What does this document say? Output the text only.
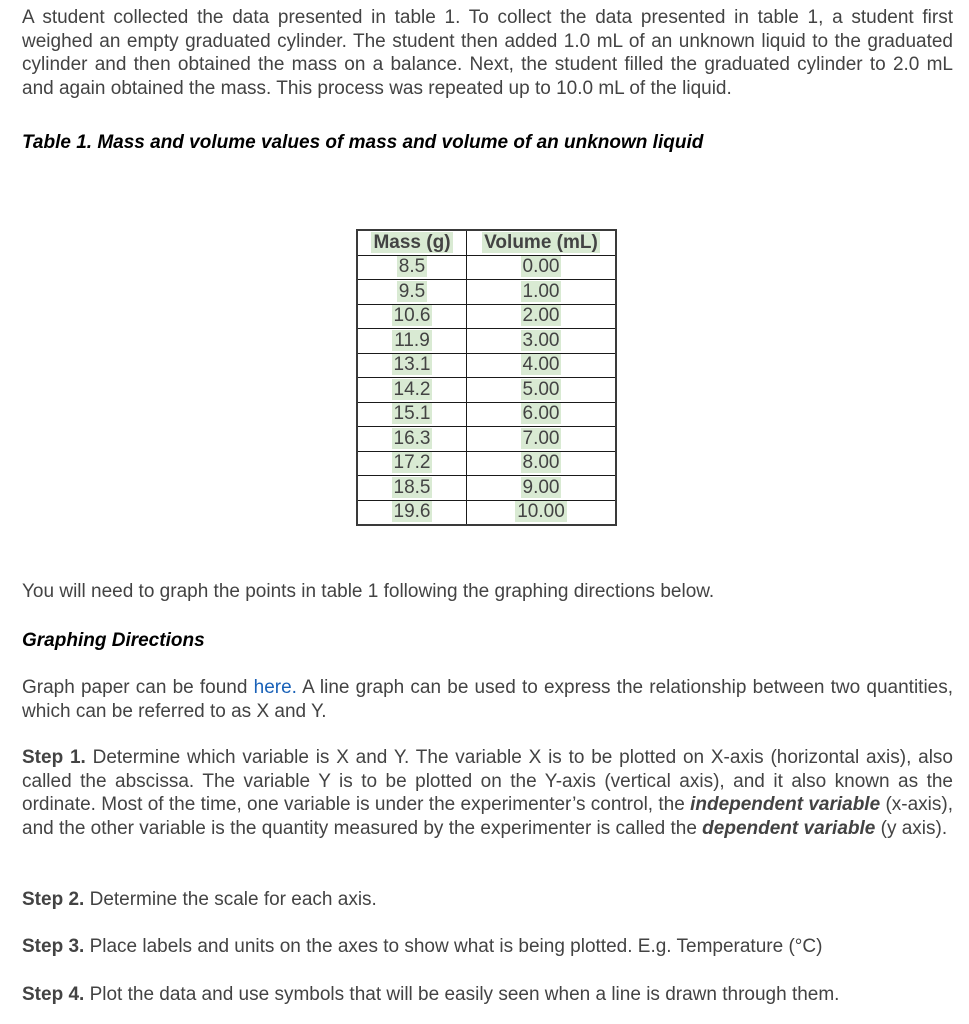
A student collected the data presented in table 1. To collect the data presented in table 1, a student first weighed an empty graduated cylinder. The student then added 1.0 mL of an unknown liquid to the graduated cylinder and then obtained the mass on a balance. Next, the student filled the graduated cylinder to 2.0 mL and again obtained the mass. This process was repeated up to 10.0 mL of the liquid.

Table 1. Mass and volume values of mass and volume of an unknown liquid

Mass (g)	Volume (mL)
8.5	0.00
9.5	1.00
10.6	2.00
11.9	3.00
13.1	4.00
14.2	5.00
15.1	6.00
16.3	7.00
17.2	8.00
18.5	9.00
19.6	10.00

You will need to graph the points in table 1 following the graphing directions below.

Graphing Directions

Graph paper can be found here. A line graph can be used to express the relationship between two quantities, which can be referred to as X and Y.

Step 1. Determine which variable is X and Y. The variable X is to be plotted on X-axis (horizontal axis), also called the abscissa. The variable Y is to be plotted on the Y-axis (vertical axis), and it also known as the ordinate. Most of the time, one variable is under the experimenter’s control, the independent variable (x-axis), and the other variable is the quantity measured by the experimenter is called the dependent variable (y axis).

Step 2. Determine the scale for each axis.

Step 3. Place labels and units on the axes to show what is being plotted. E.g. Temperature (°C)

Step 4. Plot the data and use symbols that will be easily seen when a line is drawn through them.
